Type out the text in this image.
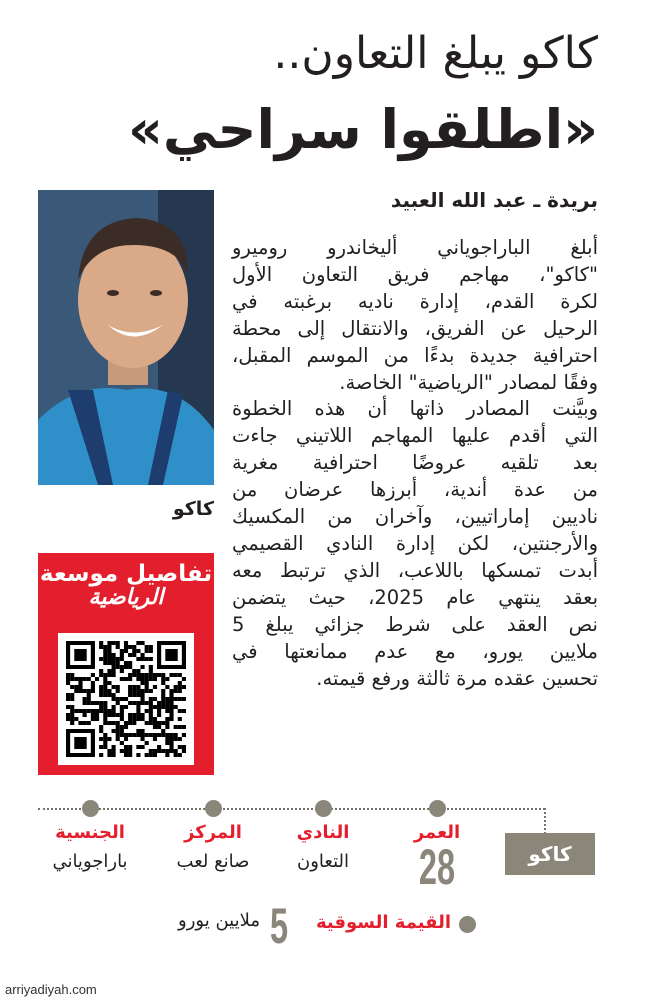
كاكو يبلغ التعاون..
«اطلقوا سراحي»
بريدة ـ عبد الله العبيد
كاكو
تفاصيل موسعة
الرياضية
أبلغ الباراجوياني أليخاندرو روميرو
"كاكو"، مهاجم فريق التعاون الأول
لكرة القدم، إدارة ناديه برغبته في
الرحيل عن الفريق، والانتقال إلى محطة
احترافية جديدة بدءًا من الموسم المقبل،
وفقًا لمصادر "الرياضية" الخاصة.
وبيَّنت المصادر ذاتها أن هذه الخطوة
التي أقدم عليها المهاجم اللاتيني جاءت
بعد تلقيه عروضًا احترافية مغرية
من عدة أندية، أبرزها عرضان من
ناديين إماراتيين، وآخران من المكسيك
والأرجنتين، لكن إدارة النادي القصيمي
أبدت تمسكها باللاعب، الذي ترتبط معه
بعقد ينتهي عام 2025، حيث يتضمن
نص العقد على شرط جزائي يبلغ 5
ملايين يورو، مع عدم ممانعتها في
تحسين عقده مرة ثالثة ورفع قيمته.
كاكو
العمر
28
النادي
التعاون
المركز
صانع لعب
الجنسية
باراجوياني
القيمة السوقية
5
ملايين يورو
arriyadiyah.com
